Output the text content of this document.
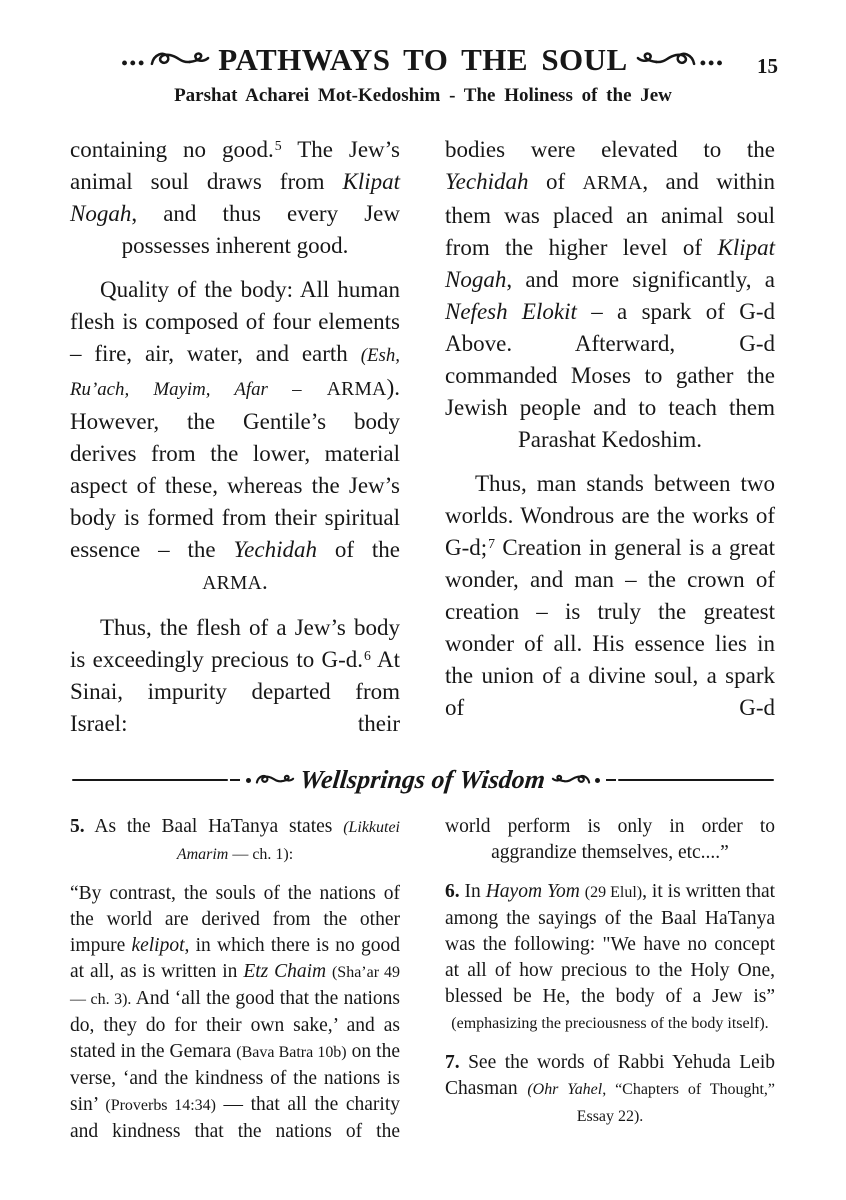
••• PATHWAYS TO THE SOUL	••• 15
Parshat Acharei Mot-Kedoshim - The Holiness of the Jew

containing no good.$^5$ The Jew’s animal soul draws from Klipat Nogah, and thus every Jew possesses inherent good.

Quality of the body: All human flesh is composed of four elements – fire, air, water, and earth (Esh, Ru’ach, Mayim, Afar – ARMA). However, the Gentile’s body derives from the lower, material aspect of these, whereas the Jew’s body is formed from their spiritual essence – the Yechidah of the ARMA.

Thus, the flesh of a Jew’s body is exceedingly precious to G-d.$^6$ At Sinai, impurity departed from Israel: their

bodies were elevated to the Yechidah of ARMA, and within them was placed an animal soul from the higher level of Klipat Nogah, and more significantly, a Nefesh Elokit – a spark of G-d Above. Afterward, G-d commanded Moses to gather the Jewish people and to teach them Parashat Kedoshim.

Thus, man stands between two worlds. Wondrous are the works of G-d;$^7$ Creation in general is a great wonder, and man – the crown of creation – is truly the greatest wonder of all. His essence lies in the union of a divine soul, a spark of G-d

Wellsprings of Wisdom

5. As the Baal HaTanya states (Likkutei Amarim — ch. 1):

“By contrast, the souls of the nations of the world are derived from the other impure kelipot, in which there is no good at all, as is written in Etz Chaim (Sha’ar 49 — ch. 3). And ‘all the good that the nations do, they do for their own sake,’ and as stated in the Gemara (Bava Batra 10b) on the verse, ‘and the kindness of the nations is sin’ (Proverbs 14:34) — that all the charity and kindness that the nations of the

world perform is only in order to aggrandize themselves, etc....”

6. In Hayom Yom (29 Elul), it is written that among the sayings of the Baal HaTanya was the following: "We have no concept at all of how precious to the Holy One, blessed be He, the body of a Jew is” (emphasizing the preciousness of the body itself).

7. See the words of Rabbi Yehuda Leib Chasman (Ohr Yahel, “Chapters of Thought,” Essay 22).
